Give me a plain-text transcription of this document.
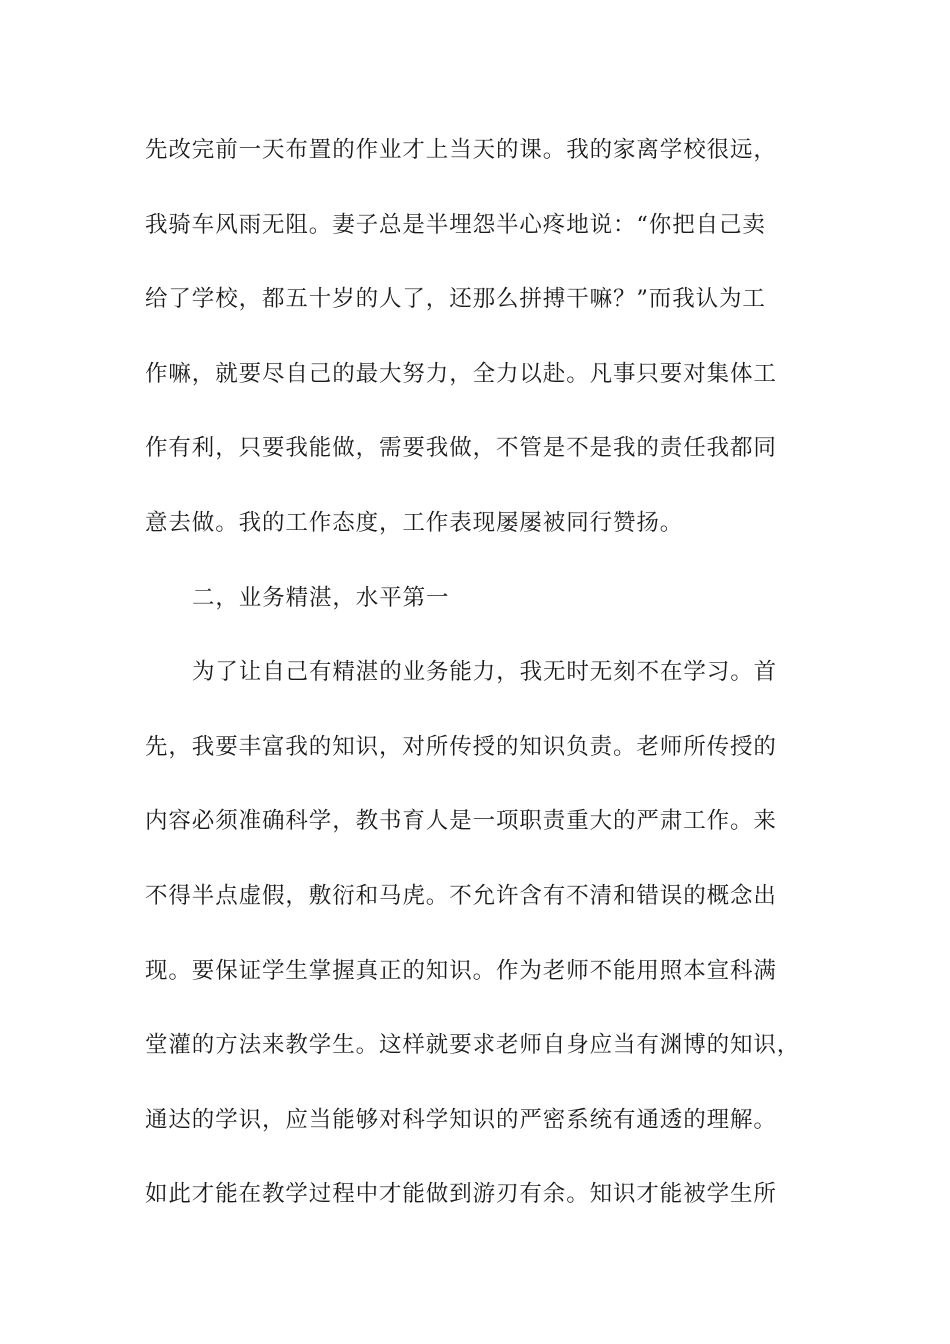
先改完前一天布置的作业才上当天的课。我的家离学校很远，
我骑车风雨无阻。妻子总是半埋怨半心疼地说：“你把自己卖
给了学校，都五十岁的人了，还那么拼搏干嘛？”而我认为工
作嘛，就要尽自己的最大努力，全力以赴。凡事只要对集体工
作有利，只要我能做，需要我做，不管是不是我的责任我都同
意去做。我的工作态度，工作表现屡屡被同行赞扬。
二，业务精湛，水平第一
为了让自己有精湛的业务能力，我无时无刻不在学习。首
先，我要丰富我的知识，对所传授的知识负责。老师所传授的
内容必须准确科学，教书育人是一项职责重大的严肃工作。来
不得半点虚假，敷衍和马虎。不允许含有不清和错误的概念出
现。要保证学生掌握真正的知识。作为老师不能用照本宣科满
堂灌的方法来教学生。这样就要求老师自身应当有渊博的知识，
通达的学识，应当能够对科学知识的严密系统有通透的理解。
如此才能在教学过程中才能做到游刃有余。知识才能被学生所
